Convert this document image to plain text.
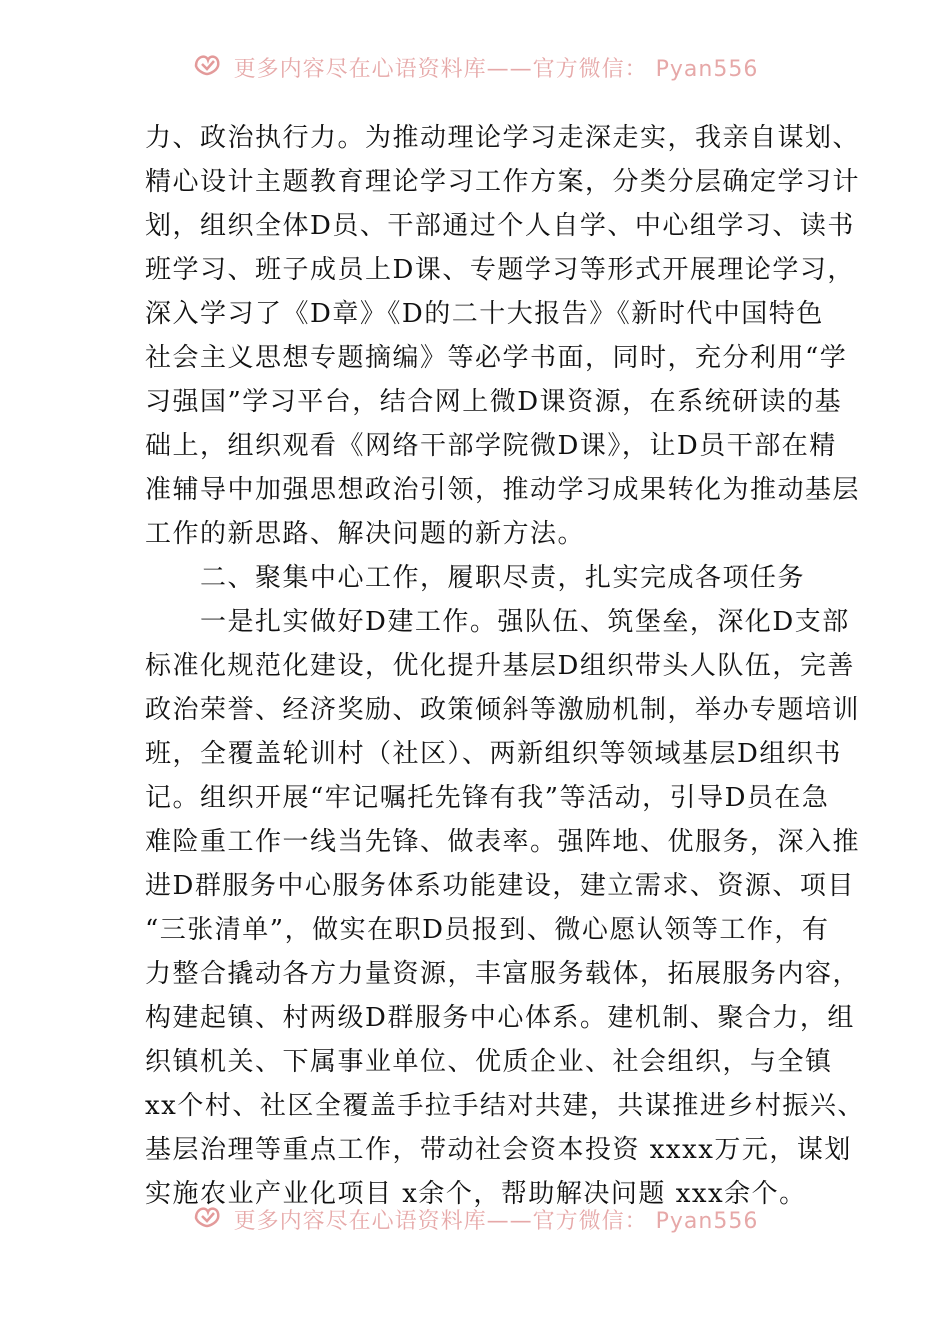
更多内容尽在心语资料库——官方微信： Pyan556
力、政治执行力。为推动理论学习走深走实，我亲自谋划、
精心设计主题教育理论学习工作方案，分类分层确定学习计
划，组织全体D员、干部通过个人自学、中心组学习、读书
班学习、班子成员上D课、专题学习等形式开展理论学习，
深入学习了《D章》《D的二十大报告》《新时代中国特色
社会主义思想专题摘编》等必学书面，同时，充分利用“学
习强国”学习平台，结合网上微D课资源，在系统研读的基
础上，组织观看《网络干部学院微D课》，让D员干部在精
准辅导中加强思想政治引领，推动学习成果转化为推动基层
工作的新思路、解决问题的新方法。
二、聚集中心工作，履职尽责，扎实完成各项任务
一是扎实做好D建工作。强队伍、筑堡垒，深化D支部
标准化规范化建设，优化提升基层D组织带头人队伍，完善
政治荣誉、经济奖励、政策倾斜等激励机制，举办专题培训
班，全覆盖轮训村（社区）、两新组织等领域基层D组织书
记。组织开展“牢记嘱托先锋有我”等活动，引导D员在急
难险重工作一线当先锋、做表率。强阵地、优服务，深入推
进D群服务中心服务体系功能建设，建立需求、资源、项目
“三张清单”，做实在职D员报到、微心愿认领等工作，有
力整合撬动各方力量资源，丰富服务载体，拓展服务内容，
构建起镇、村两级D群服务中心体系。建机制、聚合力，组
织镇机关、下属事业单位、优质企业、社会组织，与全镇
xx个村、社区全覆盖手拉手结对共建，共谋推进乡村振兴、
基层治理等重点工作，带动社会资本投资 xxxx万元，谋划
实施农业产业化项目 x余个，帮助解决问题 xxx余个。
更多内容尽在心语资料库——官方微信： Pyan556
